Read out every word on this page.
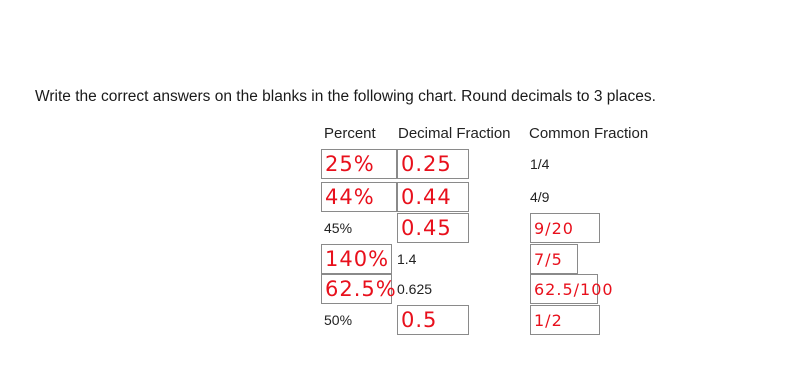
Write the correct answers on the blanks in the following chart. Round decimals to 3 places.
Percent Decimal Fraction Common Fraction
25%	0.25	1/4
44%	0.44	4/9
45% 0.45	9/20
140% 1.4	7/5
62.5% 0.625	62.5/100
50% 0.5	1/2
